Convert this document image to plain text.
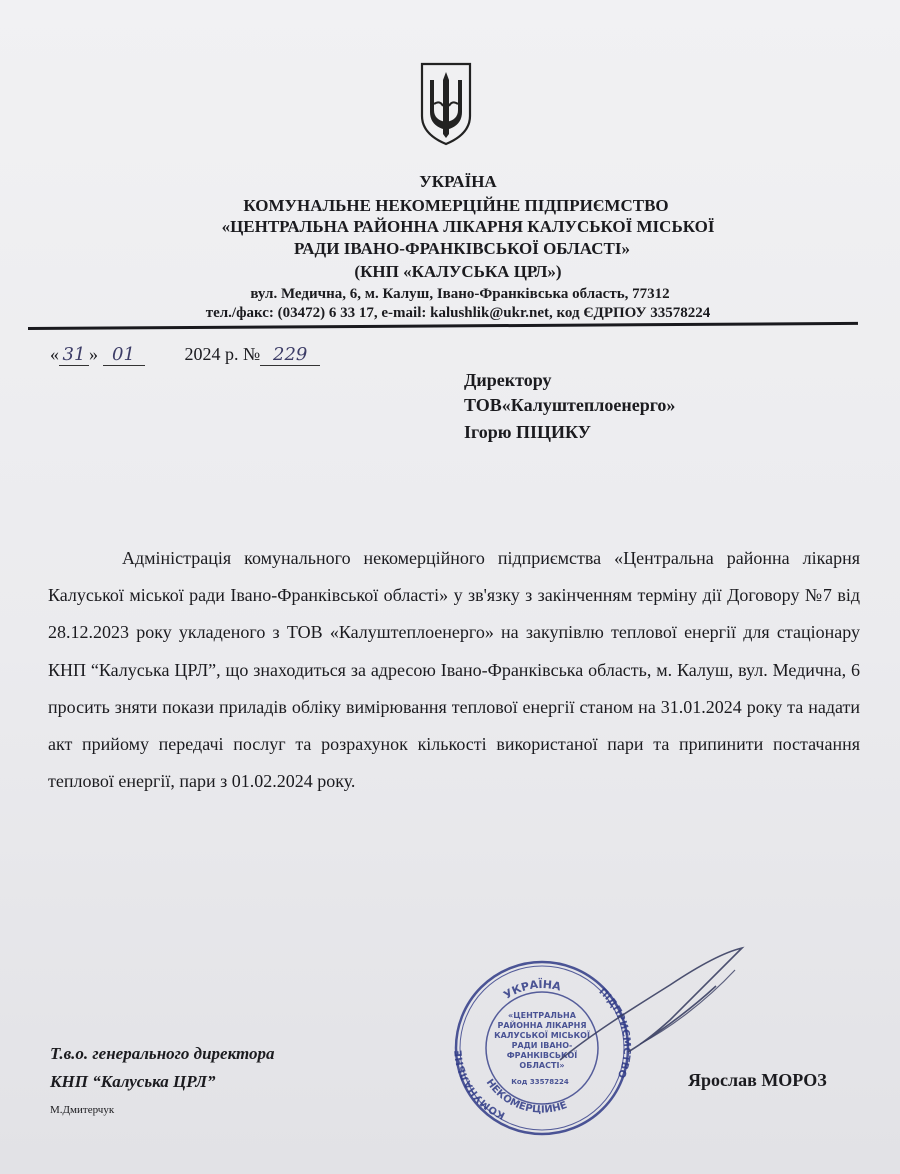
УКРАЇНА
КОМУНАЛЬНЕ НЕКОМЕРЦІЙНЕ ПІДПРИЄМСТВО
«ЦЕНТРАЛЬНА РАЙОННА ЛІКАРНЯ КАЛУСЬКОЇ МІСЬКОЇ
РАДИ ІВАНО-ФРАНКІВСЬКОЇ ОБЛАСТІ»
(КНП «КАЛУСЬКА ЦРЛ»)
вул. Медична, 6, м. Калуш, Івано-Франківська область, 77312
тел./факс: (03472) 6 33 17, e-mail: kalushlik@ukr.net, код ЄДРПОУ 33578224
« 31 » 01	2024 р. № 229
Директору
ТОВ«Калуштеплоенерго»
Ігорю ПІЦИКУ
Адміністрація комунального некомерційного підприємства «Центральна районна лікарня Калуської міської ради Івано-Франківської області» у зв'язку з закінченням терміну дії Договору №7 від 28.12.2023 року укладеного з ТОВ «Калуштеплоенерго» на закупівлю теплової енергії для стаціонару КНП “Калуська ЦРЛ”, що знаходиться за адресою Івано-Франківська область, м. Калуш, вул. Медична, 6 просить зняти покази приладів обліку вимірювання теплової енергії станом на 31.01.2024 року та надати акт прийому передачі послуг та розрахунок кількості використаної пари та припинити постачання теплової енергії, пари з 01.02.2024 року.
УКРАЇНА
КОМУНАЛЬНЕ
НЕКОМЕРЦІЙНЕ
ПІДПРИЄМСТВО
«ЦЕНТРАЛЬНА
РАЙОННА ЛІКАРНЯ
КАЛУСЬКОЇ МІСЬКОЇ
РАДИ ІВАНО-
ФРАНКІВСЬКОЇ
ОБЛАСТІ»
Код 33578224
Т.в.о. генерального директора
КНП “Калуська ЦРЛ”
М.Дмитерчук
Ярослав МОРОЗ
